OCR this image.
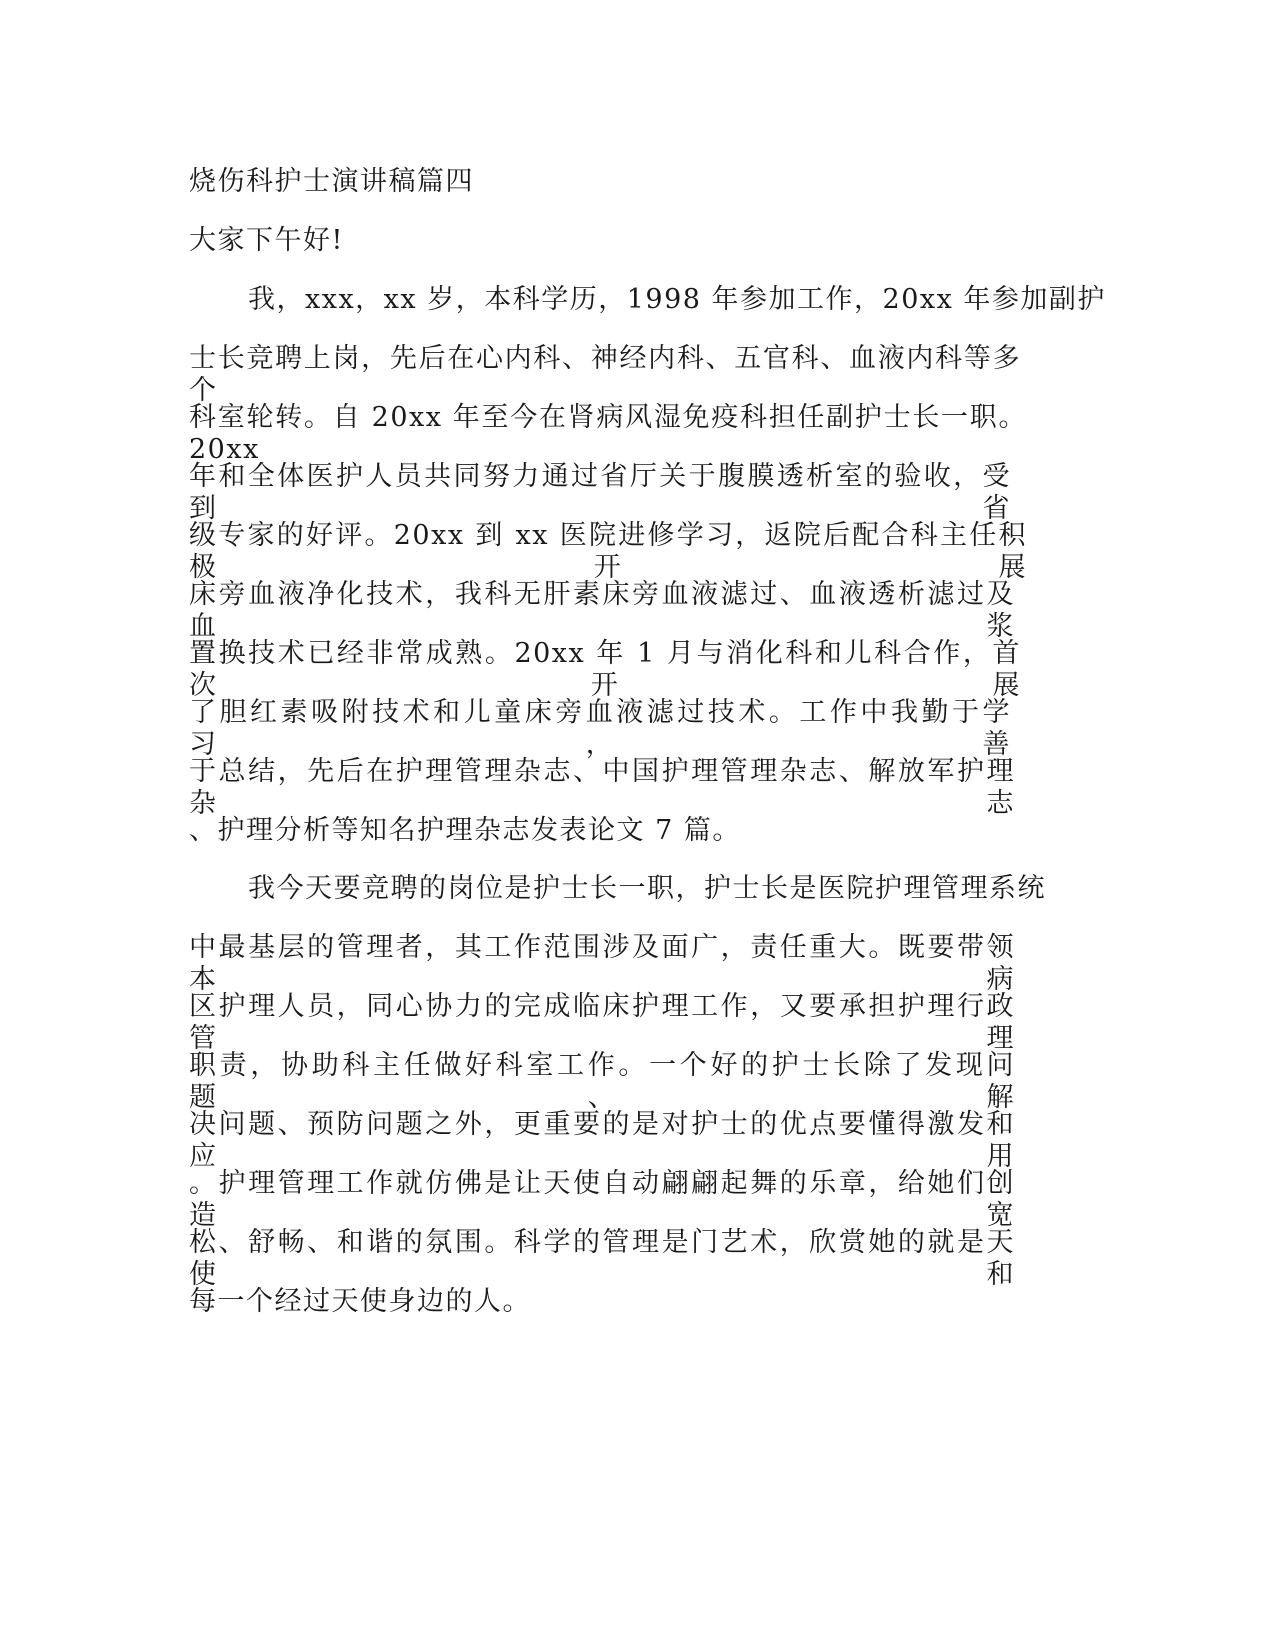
烧伤科护士演讲稿篇四
大家下午好!
我，xxx，xx 岁，本科学历，1998 年参加工作，20xx 年参加副护
士长竞聘上岗，先后在心内科、神经内科、五官科、血液内科等多个
科室轮转。自 20xx 年至今在肾病风湿免疫科担任副护士长一职。20xx
年和全体医护人员共同努力通过省厅关于腹膜透析室的验收，受到省
级专家的好评。20xx 到 xx 医院进修学习，返院后配合科主任积极开展
床旁血液净化技术，我科无肝素床旁血液滤过、血液透析滤过及血浆
置换技术已经非常成熟。20xx 年 1 月与消化科和儿科合作，首次开展
了胆红素吸附技术和儿童床旁血液滤过技术。工作中我勤于学习，善
于总结，先后在护理管理杂志、中国护理管理杂志、解放军护理杂志
、护理分析等知名护理杂志发表论文 7 篇。
我今天要竞聘的岗位是护士长一职，护士长是医院护理管理系统
中最基层的管理者，其工作范围涉及面广，责任重大。既要带领本病
区护理人员，同心协力的完成临床护理工作，又要承担护理行政管理
职责，协助科主任做好科室工作。一个好的护士长除了发现问题、解
决问题、预防问题之外，更重要的是对护士的优点要懂得激发和应用
。护理管理工作就仿佛是让天使自动翩翩起舞的乐章，给她们创造宽
松、舒畅、和谐的氛围。科学的管理是门艺术，欣赏她的就是天使和
每一个经过天使身边的人。
